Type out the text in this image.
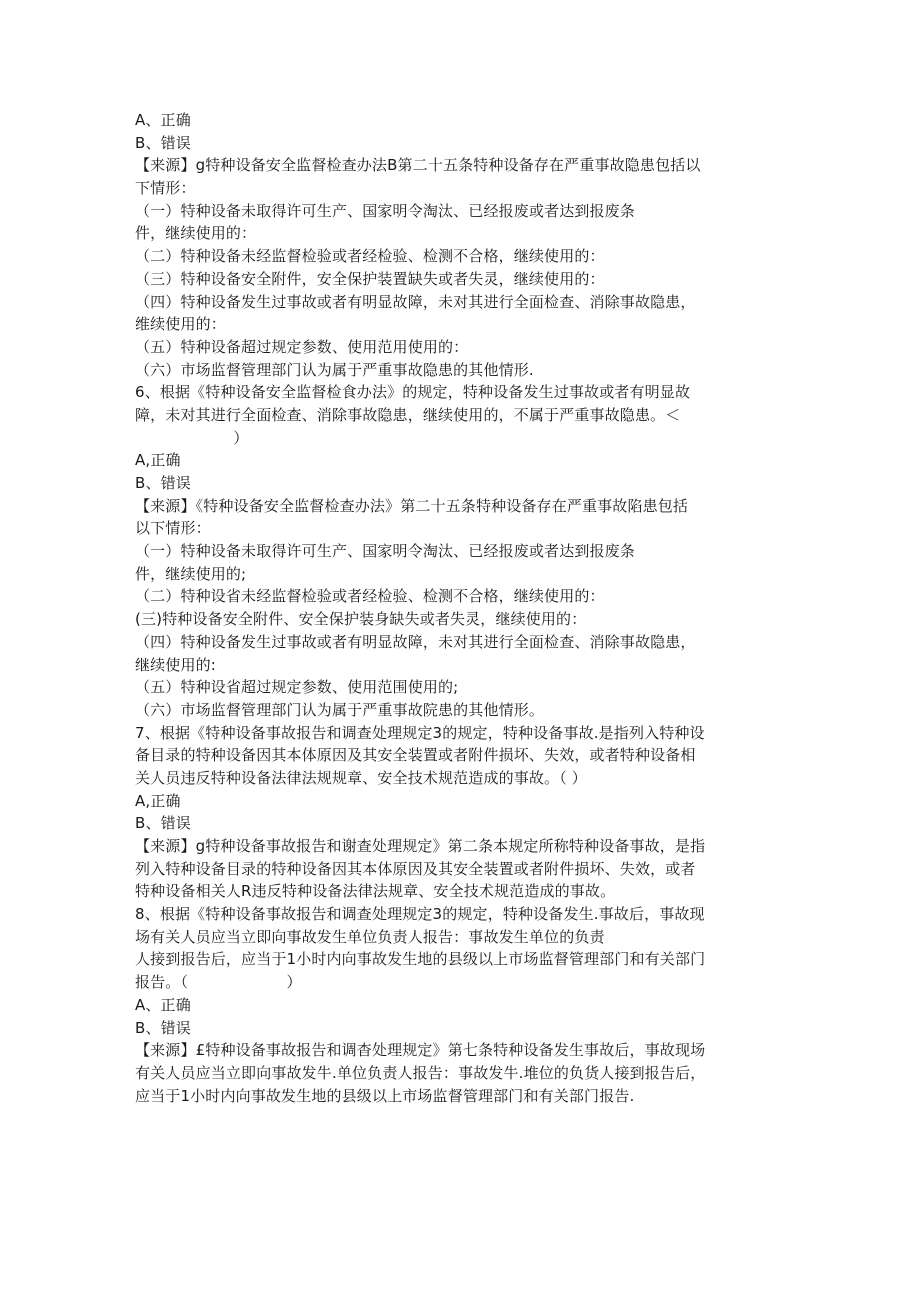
A、正确
B、错误
【来源】g特种设备安全监督检查办法B第二十五条特种设备存在严重事故隐患包括以
下情形：
（一）特种设备未取得许可生产、国家明令淘汰、已经报废或者达到报废条
件，继续使用的：
（二）特种设备未经监督检验或者经检验、检测不合格，继续使用的：
（三）特种设备安全附件，安全保护装置缺失或者失灵，继续使用的：
（四）特种设备发生过事故或者有明显故障，未对其进行全面检查、消除事故隐患，
维续使用的：
（五）特种设备超过规定参数、使用范用使用的：
（六）市场监督管理部门认为属于严重事故隐患的其他情形.
6、根据《特种设备安全监督检食办法》的规定，特种设备发生过事故或者有明显故
障，未对其进行全面检查、消除事故隐患，继续使用的，不属于严重事故隐患。＜
）
A,正确
B、错误
【来源】《特种设备安全监督检查办法》第二十五条特种设备存在严重事故陷患包括
以下情形：
（一）特种设备未取得许可生产、国家明令淘汰、已经报废或者达到报废条
件，继续使用的;
（二）特种设省未经监督检验或者经检验、检测不合格，继续使用的：
(三)特种设备安全附件、安全保护装身缺失或者失灵，继续使用的：
（四）特种设备发生过事故或者有明显故障，未对其进行全面检查、消除事故隐患，
继续使用的:
（五）特种设省超过规定参数、使用范围使用的;
（六）市场监督管理部门认为属于严重事故院患的其他情形。
7、根据《特种设备事故报告和调查处理规定3的规定，特种设备事故.是指列入特种设
备目录的特种设备因其本体原因及其安全装置或者附件损坏、失效，或者特种设备相
关人员违反特种设备法律法规规章、安全技术规范造成的事故。（ ）
A,正确
B、错误
【来源】g特种设备事故报告和谢查处理规定》第二条本规定所称特种设备事故，是指
列入特种设备目录的特种设备因其本体原因及其安全装置或者附件损坏、失效，或者
特种设备相关人R违反特种设备法律法规章、安全技术规范造成的事故。
8、根据《特种设备事故报告和调查处理规定3的规定，特种设备发生.事故后，事故现
场有关人员应当立即向事故发生单位负责人报告：事故发生单位的负责
人接到报告后，应当于1小时内向事故发生地的县级以上市场监督管理部门和有关部门
报告。（                    ）
A、正确
B、错误
【来源】£特种设备事故报告和调杳处理规定》第七条特种设备发生事故后，事故现场
有关人员应当立即向事故发牛.单位负责人报告：事故发牛.堆位的负货人接到报告后，
应当于1小时内向事故发生地的县级以上市场监督管理部门和有关部门报告.
